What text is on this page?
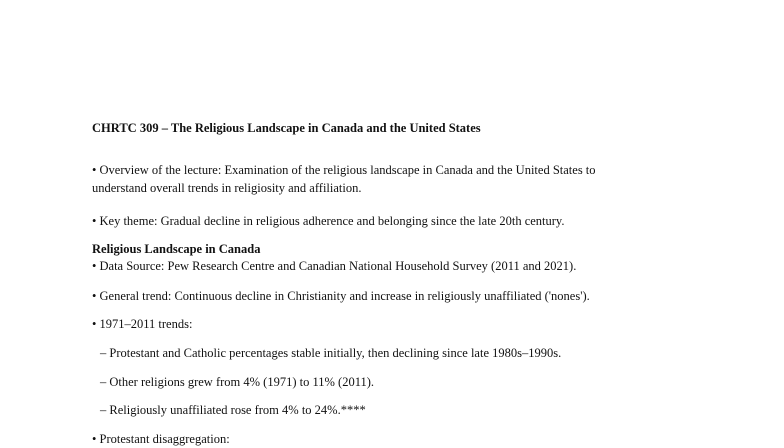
CHRTC 309 – The Religious Landscape in Canada and the United States
• Overview of the lecture: Examination of the religious landscape in Canada and the United States to
understand overall trends in religiosity and affiliation.
• Key theme: Gradual decline in religious adherence and belonging since the late 20th century.
Religious Landscape in Canada
• Data Source: Pew Research Centre and Canadian National Household Survey (2011 and 2021).
• General trend: Continuous decline in Christianity and increase in religiously unaffiliated ('nones').
• 1971–2011 trends:
– Protestant and Catholic percentages stable initially, then declining since late 1980s–1990s.
– Other religions grew from 4% (1971) to 11% (2011).
– Religiously unaffiliated rose from 4% to 24%.****
• Protestant disaggregation:
